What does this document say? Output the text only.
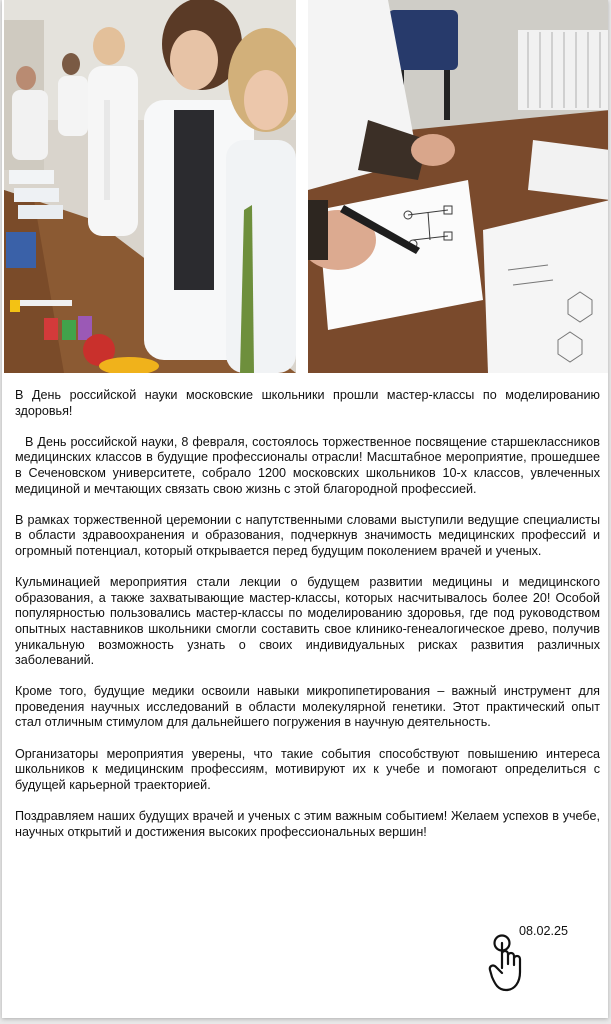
В День российской науки московские школьники прошли мастер-классы по моделированию здоровья!

В День российской науки, 8 февраля, состоялось торжественное посвящение старшеклассников медицинских классов в будущие профессионалы отрасли! Масштабное мероприятие, прошедшее в Сеченовском университете, собрало 1200 московских школьников 10-х классов, увлеченных медициной и мечтающих связать свою жизнь с этой благородной профессией.

В рамках торжественной церемонии с напутственными словами выступили ведущие специалисты в области здравоохранения и образования, подчеркнув значимость медицинских профессий и огромный потенциал, который открывается перед будущим поколением врачей и ученых.

Кульминацией мероприятия стали лекции о будущем развитии медицины и медицинского образования, а также захватывающие мастер-классы, которых насчитывалось более 20! Особой популярностью пользовались мастер-классы по моделированию здоровья, где под руководством опытных наставников школьники смогли составить свое клинико-генеалогическое древо, получив уникальную возможность узнать о своих индивидуальных рисках развития различных заболеваний.

Кроме того, будущие медики освоили навыки микропипетирования – важный инструмент для проведения научных исследований в области молекулярной генетики. Этот практический опыт стал отличным стимулом для дальнейшего погружения в научную деятельность.

Организаторы мероприятия уверены, что такие события способствуют повышению интереса школьников к медицинским профессиям, мотивируют их к учебе и помогают определиться с будущей карьерной траекторией.

Поздравляем наших будущих врачей и ученых с этим важным событием! Желаем успехов в учебе, научных открытий и достижения высоких профессиональных вершин!

08.02.25
